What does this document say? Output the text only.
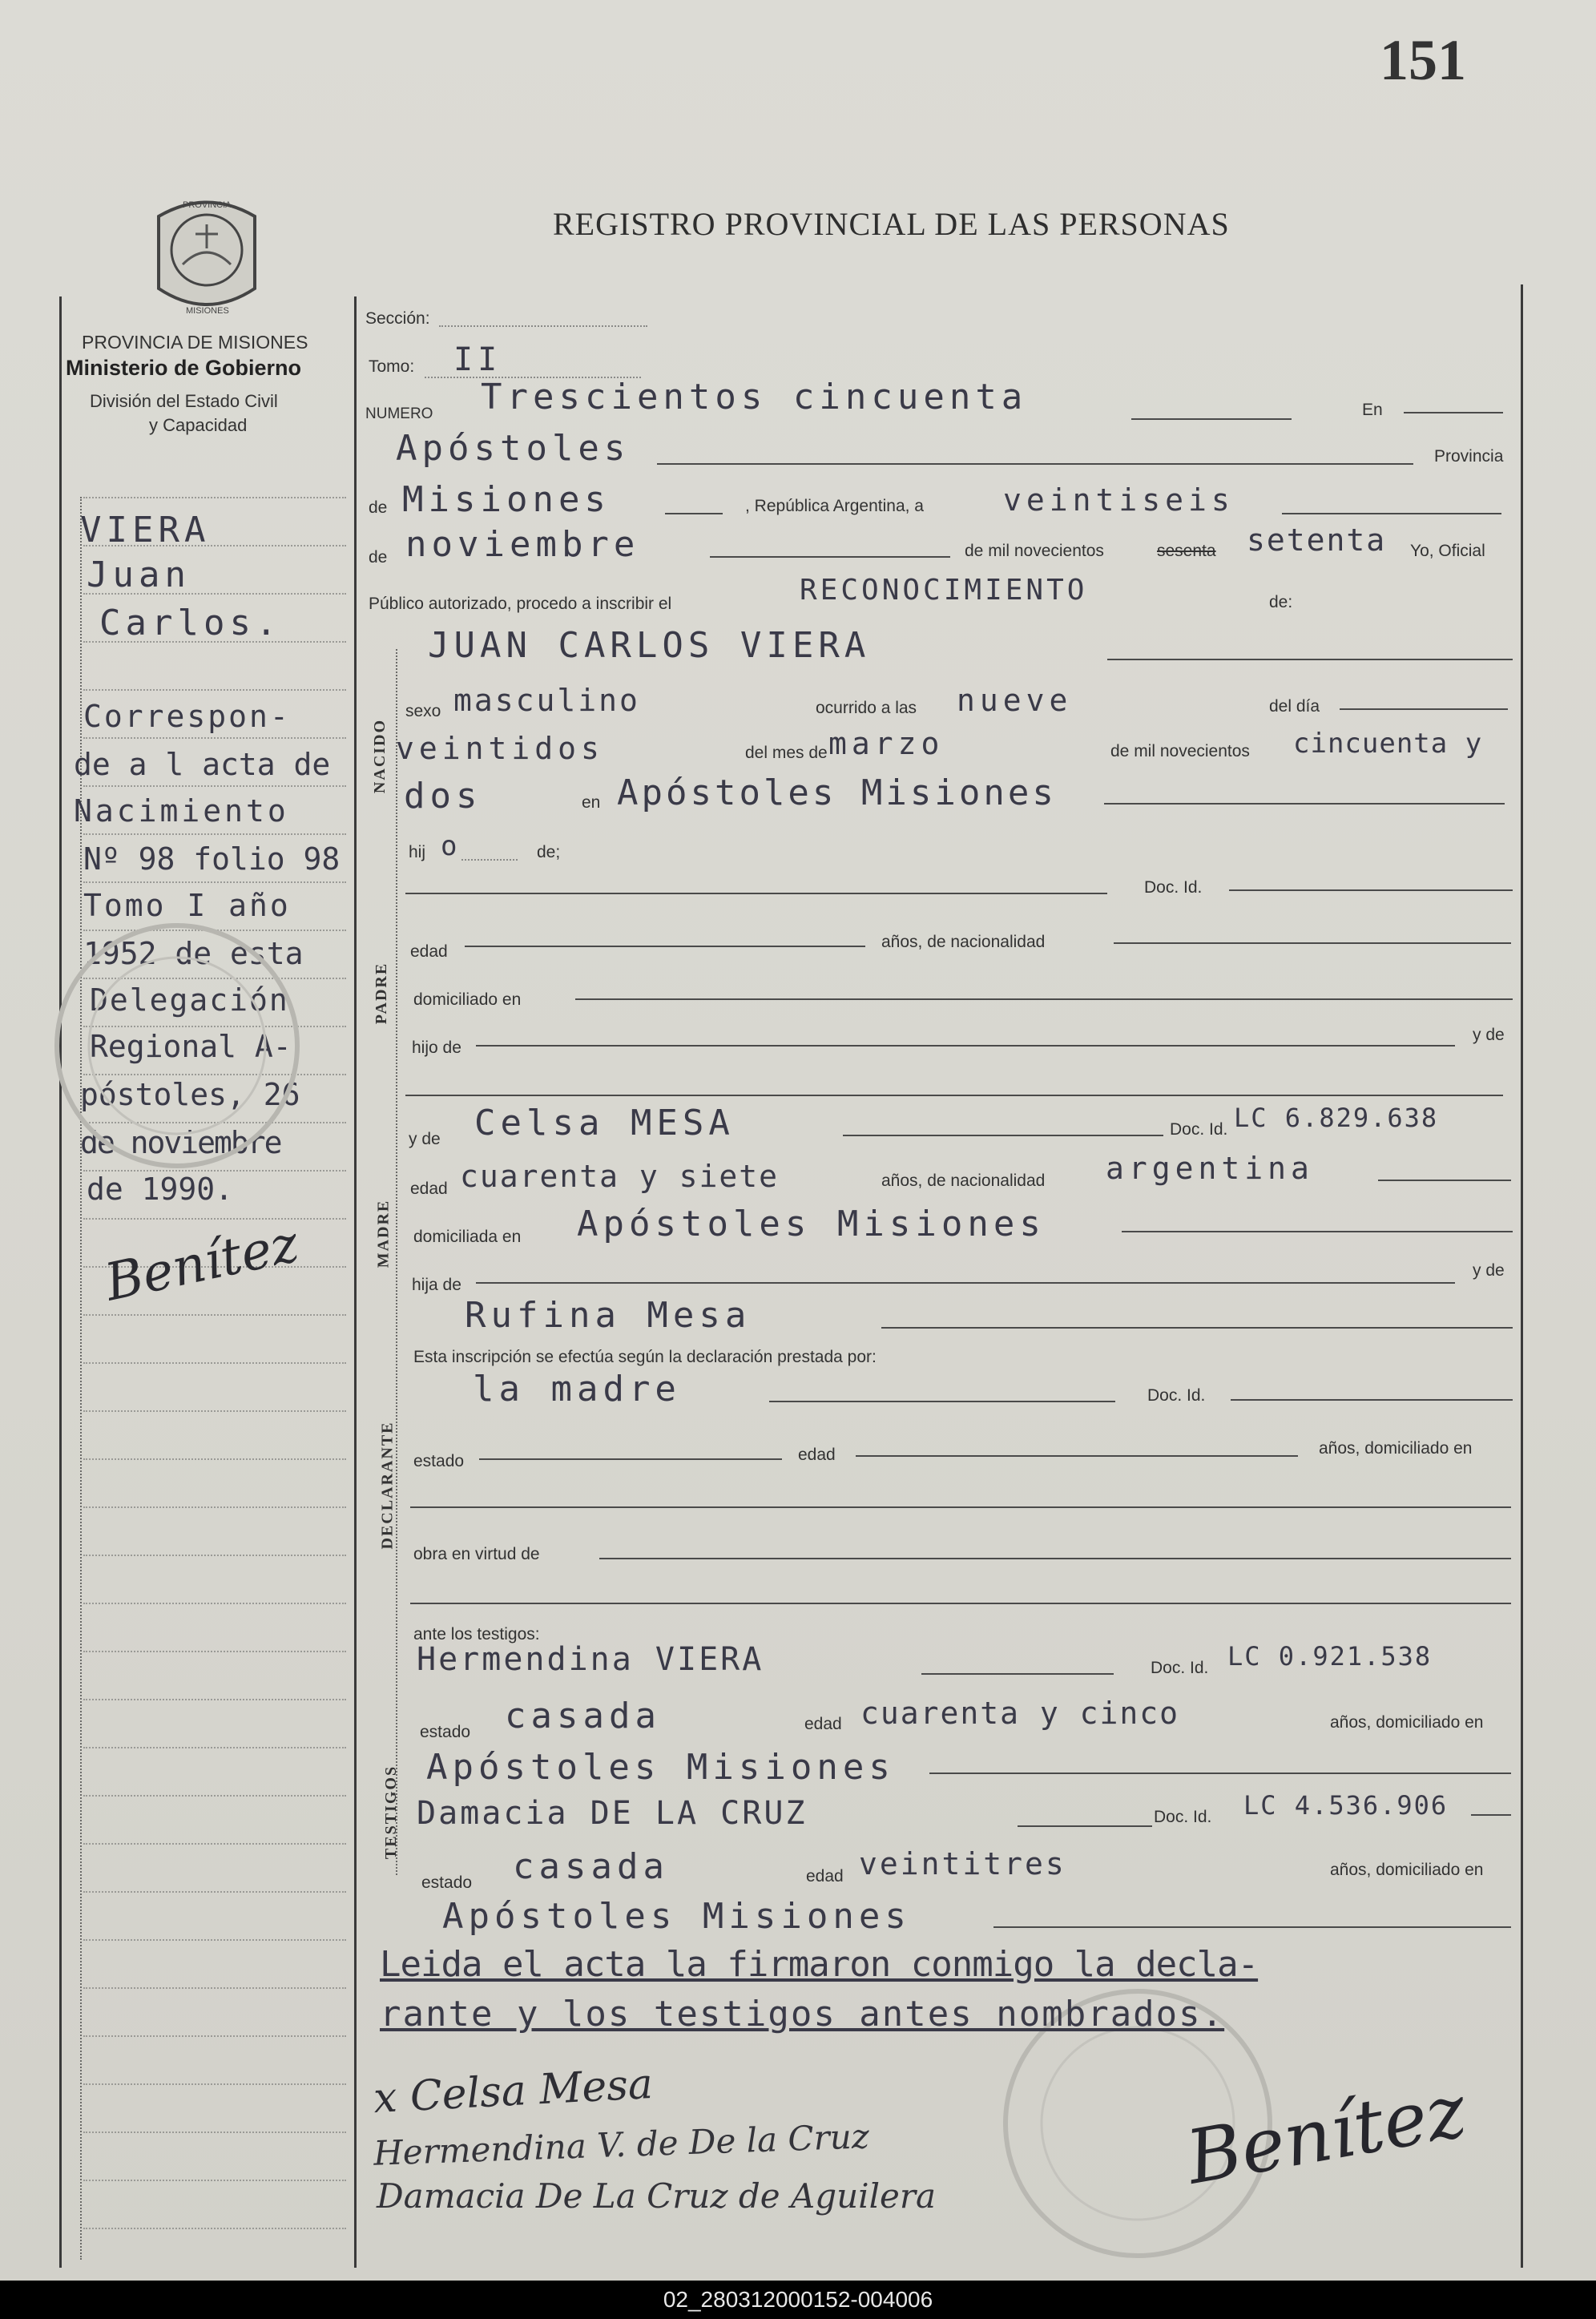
151
REGISTRO PROVINCIAL DE LAS PERSONAS
PROVINCIA
MISIONES
PROVINCIA DE MISIONES
Ministerio de Gobierno
División del Estado Civil
y Capacidad
VIERA
Juan
Carlos.
Correspon-
de a l acta de
Nacimiento
Nº 98 folio 98
Tomo I año
1952 de esta
Delegación
Regional A-
póstoles, 26
de noviembre
de 1990.
Benítez
Sección:
Tomo: II
NUMERO Trescientos cincuenta	En
Apóstoles	Provincia
de Misiones	, República Argentina, a	veintiseis
de noviembre	de mil novecientos	sesenta setenta Yo, Oficial
Público autorizado, procedo a inscribir el	RECONOCIMIENTO	de:
NACIDO
JUAN CARLOS VIERA
sexo masculino	ocurrido a las nueve	del día
veintidos	del mes de marzo	de mil novecientos cincuenta y
dos	en Apóstoles Misiones
hij o	de;
PADRE
Doc. Id.
edad
años, de nacionalidad
domiciliado en
hijo de
y de
MADRE
y de Celsa MESA	Doc. Id. LC 6.829.638
edad cuarenta y siete	años, de nacionalidad argentina
domiciliada en Apóstoles Misiones
hija de
y de
Rufina Mesa
Esta inscripción se efectúa según la declaración prestada por:
la madre	Doc. Id.
DECLARANTE estado	edad	años, domiciliado en
obra en virtud de
ante los testigos:
TESTIGOS
Hermendina VIERA	Doc. Id. LC 0.921.538
estado casada	edad cuarenta y cinco	años, domiciliado en
Apóstoles Misiones
Damacia DE LA CRUZ	Doc. Id. LC 4.536.906
estado casada	edad veintitres	años, domiciliado en
Apóstoles Misiones
Leida el acta la firmaron conmigo la decla-
rante y los testigos antes nombrados.
x Celsa Mesa
Hermendina V. de De la Cruz
Damacia De La Cruz de Aguilera	Benítez
02_280312000152-004006
